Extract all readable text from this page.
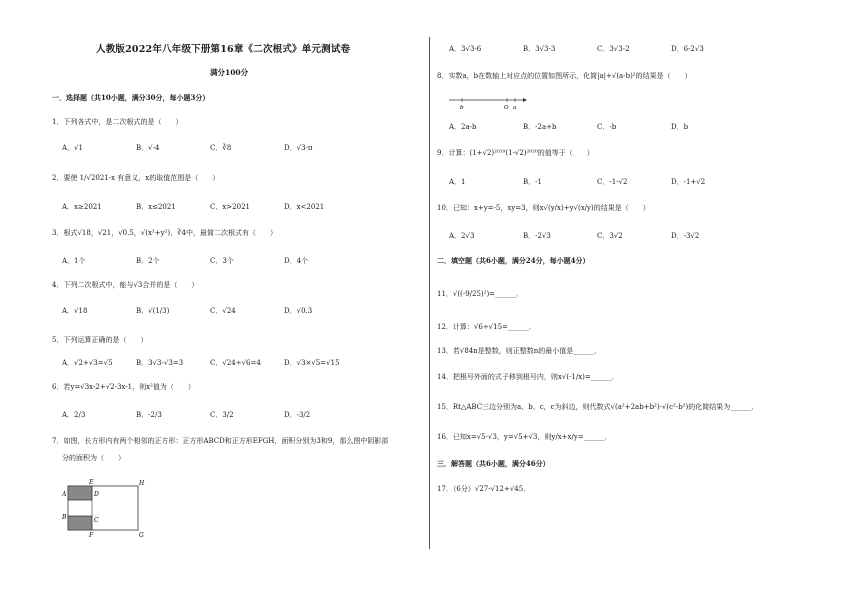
人教版2022年八年级下册第16章《二次根式》单元测试卷
满分100分
一．选择题（共10小题，满分30分，每小题3分）
1．下列各式中，是二次根式的是（　　）
A．√1	B．√-4	C．∛8	D．√3-π
2．要使 1/√2021-x 有意义，x的取值范围是（　　）
A．x≥2021	B．x≤2021	C．x>2021	D．x<2021
3．根式√18，√21，√0.5，√(x²+y²)，∛4中，最简二次根式有（　　）
A．1个	B．2个	C．3个	D．4个
4．下列二次根式中，能与√3合并的是（　　）
A．√18	B．√(1/3)	C．√24	D．√0.3
5．下列运算正确的是（　　）
A．√2+√3=√5	B．3√3-√3=3	C．√24÷√6=4	D．√3×√5=√15
6．若y=√3x-2+√2-3x-1，则x²值为（　　）
A．2/3	B．-2/3	C．3/2	D．-3/2
7．如图，长方形内有两个相邻的正方形：正方形ABCD和正方形EFGH，面积分别为3和9，那么图中阴影部
分的面积为（　　）
A
B	C
D
E
F	G
H
A．3√3-6	B．3√3-3	C．3√3-2	D．6-2√3
8．实数a，b在数轴上对应点的位置如图所示，化简|a|+√(a-b)²的结果是（　　）
b	O a
A．2a-b	B．-2a+b	C．-b	D．b
9．计算：(1+√2)²⁰¹⁹(1-√2)²⁰²⁰的值等于（　　）
A．1	B．-1	C．-1-√2	D．-1+√2
10．已知：x+y=-5，xy=3，则x√(y/x)+y√(x/y)的结果是（　　）
A．2√3	B．-2√3	C．3√2	D．-3√2
二．填空题（共6小题，满分24分，每小题4分）
11．√((-9/25)²)=______．
12．计算：√6÷√15=______．
13．若√84n是整数，则正整数n的最小值是______．
14．把根号外面的式子移到根号内，则x√(-1/x)=______．
15．Rt△ABC三边分别为a、b、c，c为斜边，则代数式√(a²+2ab+b²)-√(c²-b²)的化简结果为______．
16．已知x=√5-√3，y=√5+√3，则y/x+x/y=______．
三．解答题（共6小题，满分46分）
17．（6分）√27-√12+√45．
